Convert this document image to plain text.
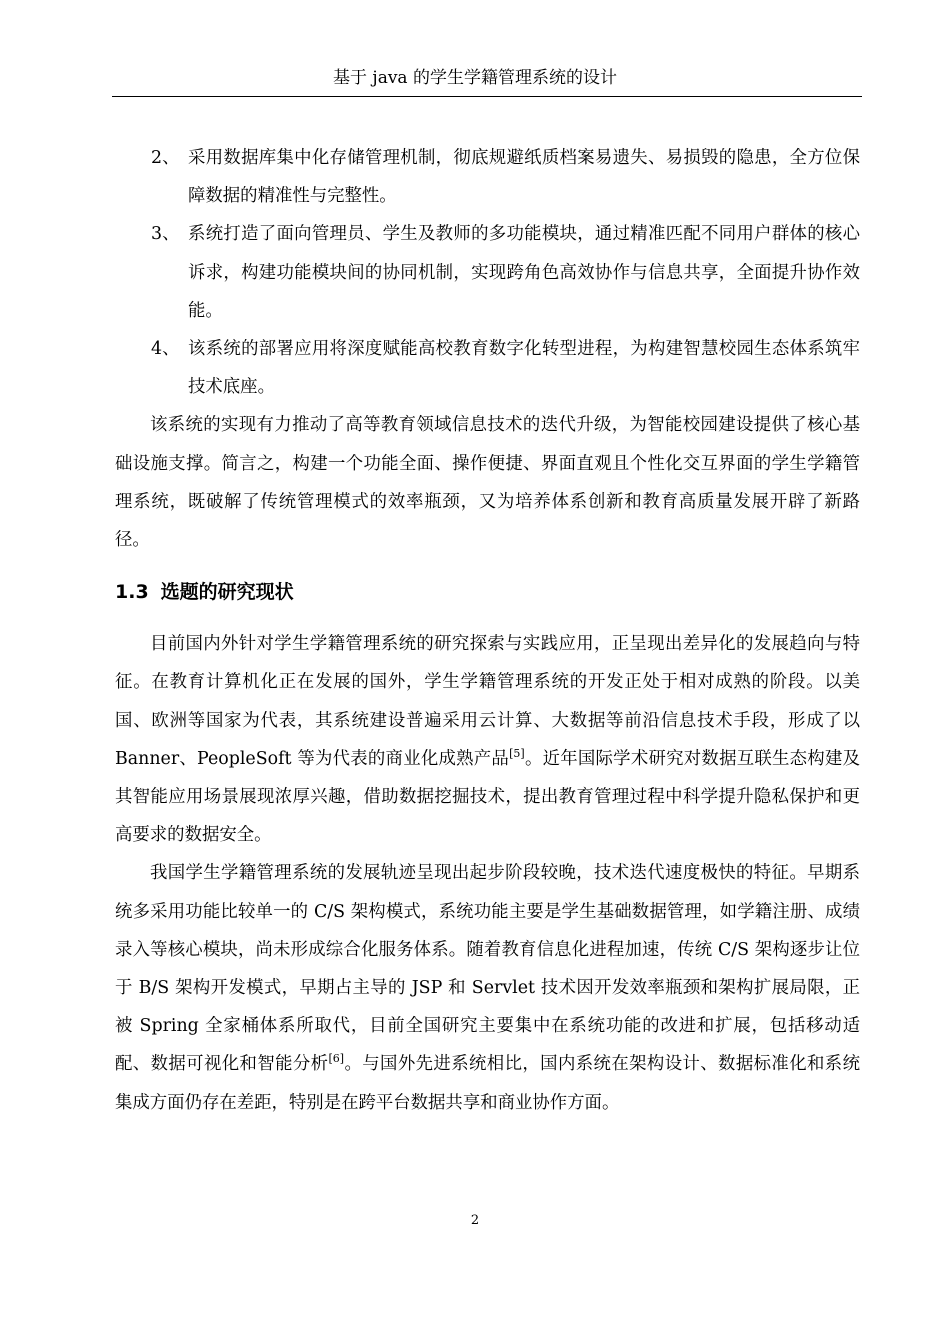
基于 java 的学生学籍管理系统的设计
2、 采用数据库集中化存储管理机制，彻底规避纸质档案易遗失、易损毁的隐患，全方位保障数据的精准性与完整性。
3、 系统打造了面向管理员、学生及教师的多功能模块，通过精准匹配不同用户群体的核心诉求，构建功能模块间的协同机制，实现跨角色高效协作与信息共享，全面提升协作效能。
4、 该系统的部署应用将深度赋能高校教育数字化转型进程，为构建智慧校园生态体系筑牢技术底座。
该系统的实现有力推动了高等教育领域信息技术的迭代升级，为智能校园建设提供了核心基础设施支撑。简言之，构建一个功能全面、操作便捷、界面直观且个性化交互界面的学生学籍管理系统，既破解了传统管理模式的效率瓶颈，又为培养体系创新和教育高质量发展开辟了新路径。
1.3 选题的研究现状
目前国内外针对学生学籍管理系统的研究探索与实践应用，正呈现出差异化的发展趋向与特征。在教育计算机化正在发展的国外，学生学籍管理系统的开发正处于相对成熟的阶段。以美国、欧洲等国家为代表，其系统建设普遍采用云计算、大数据等前沿信息技术手段，形成了以 Banner、PeopleSoft 等为代表的商业化成熟产品[5]。近年国际学术研究对数据互联生态构建及其智能应用场景展现浓厚兴趣，借助数据挖掘技术，提出教育管理过程中科学提升隐私保护和更高要求的数据安全。
我国学生学籍管理系统的发展轨迹呈现出起步阶段较晚，技术迭代速度极快的特征。早期系统多采用功能比较单一的 C/S 架构模式，系统功能主要是学生基础数据管理，如学籍注册、成绩录入等核心模块，尚未形成综合化服务体系。随着教育信息化进程加速，传统 C/S 架构逐步让位于 B/S 架构开发模式，早期占主导的 JSP 和 Servlet 技术因开发效率瓶颈和架构扩展局限，正被 Spring 全家桶体系所取代，目前全国研究主要集中在系统功能的改进和扩展，包括移动适配、数据可视化和智能分析[6]。与国外先进系统相比，国内系统在架构设计、数据标准化和系统集成方面仍存在差距，特别是在跨平台数据共享和商业协作方面。
2
